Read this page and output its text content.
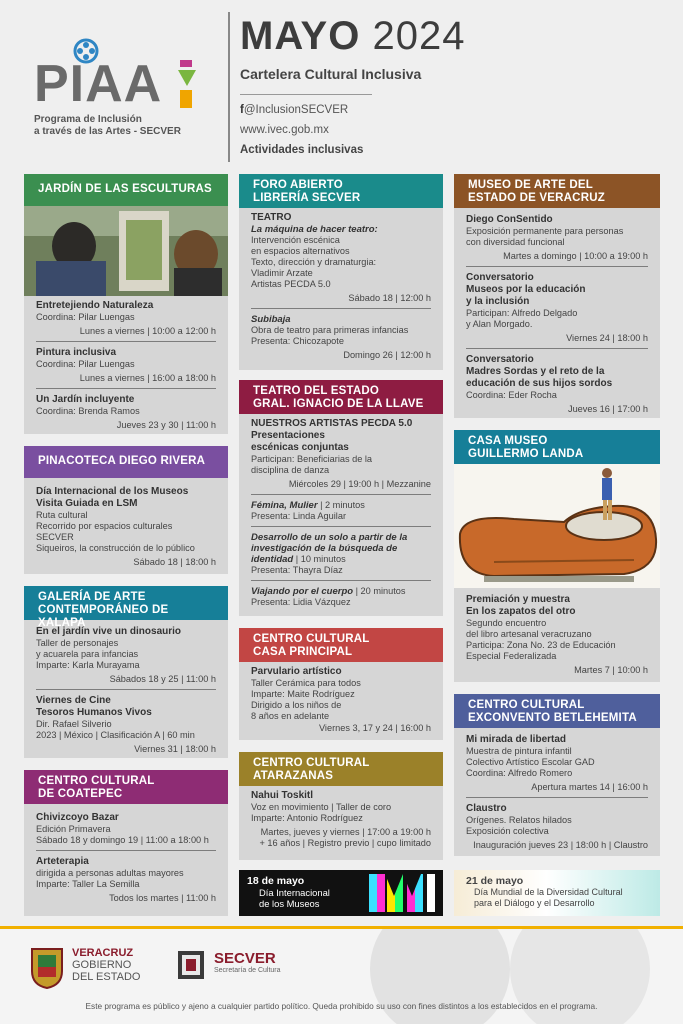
PIAA
Programa de Inclusión
a través de las Artes - SECVER
MAYO 2024
Cartelera Cultural Inclusiva
f@InclusionSECVER
www.ivec.gob.mx
Actividades inclusivas
JARDÍN DE LAS ESCULTURAS
Entretejiendo Naturaleza
Coordina: Pilar Luengas
Lunes a viernes | 10:00 a 12:00 h
Pintura inclusiva
Coordina: Pilar Luengas
Lunes a viernes | 16:00 a 18:00 h
Un Jardín incluyente
Coordina: Brenda Ramos
Jueves 23 y 30 | 11:00 h
PINACOTECA DIEGO RIVERA
Día Internacional de los Museos
Visita Guiada en LSM
Ruta cultural
Recorrido por espacios culturales
SECVER
Siqueiros, la construcción de lo público
Sábado 18 | 18:00 h
GALERÍA DE ARTE
CONTEMPORÁNEO DE XALAPA
En el jardín vive un dinosaurio
Taller de personajes
y acuarela para infancias
Imparte: Karla Murayama
Sábados 18 y 25 | 11:00 h
Viernes de Cine
Tesoros Humanos Vivos
Dir. Rafael Silverio
2023 | México | Clasificación A | 60 min
Viernes 31 | 18:00 h
CENTRO CULTURAL
DE COATEPEC
Chivizcoyo Bazar
Edición Primavera
Sábado 18 y domingo 19 | 11:00 a 18:00 h
Arteterapia
dirigida a personas adultas mayores
Imparte: Taller La Semilla
Todos los martes | 11:00 h
FORO ABIERTO
LIBRERÍA SECVER
TEATRO
La máquina de hacer teatro:
Intervención escénica
en espacios alternativos
Texto, dirección y dramaturgia:
Vladimir Arzate
Artistas PECDA 5.0
Sábado 18 | 12:00 h
Subibaja
Obra de teatro para primeras infancias
Presenta: Chicozapote
Domingo 26 | 12:00 h
TEATRO DEL ESTADO
GRAL. IGNACIO DE LA LLAVE
NUESTROS ARTISTAS PECDA 5.0
Presentaciones
escénicas conjuntas
Participan: Beneficiarias de la
disciplina de danza
Miércoles 29 | 19:00 h | Mezzanine
Fémina, Mulier | 2 minutos
Presenta: Linda Aguilar
Desarrollo de un solo a partir de la
investigación de la búsqueda de
identidad | 10 minutos
Presenta: Thayra Díaz
Viajando por el cuerpo | 20 minutos
Presenta: Lidia Vázquez
CENTRO CULTURAL
CASA PRINCIPAL
Parvulario artístico
Taller Cerámica para todos
Imparte: Maite Rodríguez
Dirigido a los niños de
8 años en adelante
Viernes 3, 17 y 24 | 16:00 h
CENTRO CULTURAL
ATARAZANAS
Nahui Toskitl
Voz en movimiento | Taller de coro
Imparte: Antonio Rodríguez
Martes, jueves y viernes | 17:00 a 19:00 h
+ 16 años | Registro previo | cupo limitado
18 de mayo
Día Internacional
de los Museos
MUSEO DE ARTE DEL
ESTADO DE VERACRUZ
Diego ConSentido
Exposición permanente para personas
con diversidad funcional
Martes a domingo | 10:00 a 19:00 h
Conversatorio
Museos por la educación
y la inclusión
Participan: Alfredo Delgado
y Alan Morgado.
Viernes 24 | 18:00 h
Conversatorio
Madres Sordas y el reto de la
educación de sus hijos sordos
Coordina: Eder Rocha
Jueves 16 | 17:00 h
CASA MUSEO
GUILLERMO LANDA
Premiación y muestra
En los zapatos del otro
Segundo encuentro
del libro artesanal veracruzano
Participa: Zona No. 23 de Educación
Especial Federalizada
Martes 7 | 10:00 h
CENTRO CULTURAL
EXCONVENTO BETLEHEMITA
Mi mirada de libertad
Muestra de pintura infantil
Colectivo Artístico Escolar GAD
Coordina: Alfredo Romero
Apertura martes 14 | 16:00 h
Claustro
Orígenes. Relatos hilados
Exposición colectiva
Inauguración jueves 23 | 18:00 h | Claustro
21 de mayo
Día Mundial de la Diversidad Cultural
para el Diálogo y el Desarrollo
VERACRUZ
GOBIERNO
DEL ESTADO
SECVER
Secretaría de Cultura
Este programa es público y ajeno a cualquier partido político. Queda prohibido su uso con fines distintos a los establecidos en el programa.
